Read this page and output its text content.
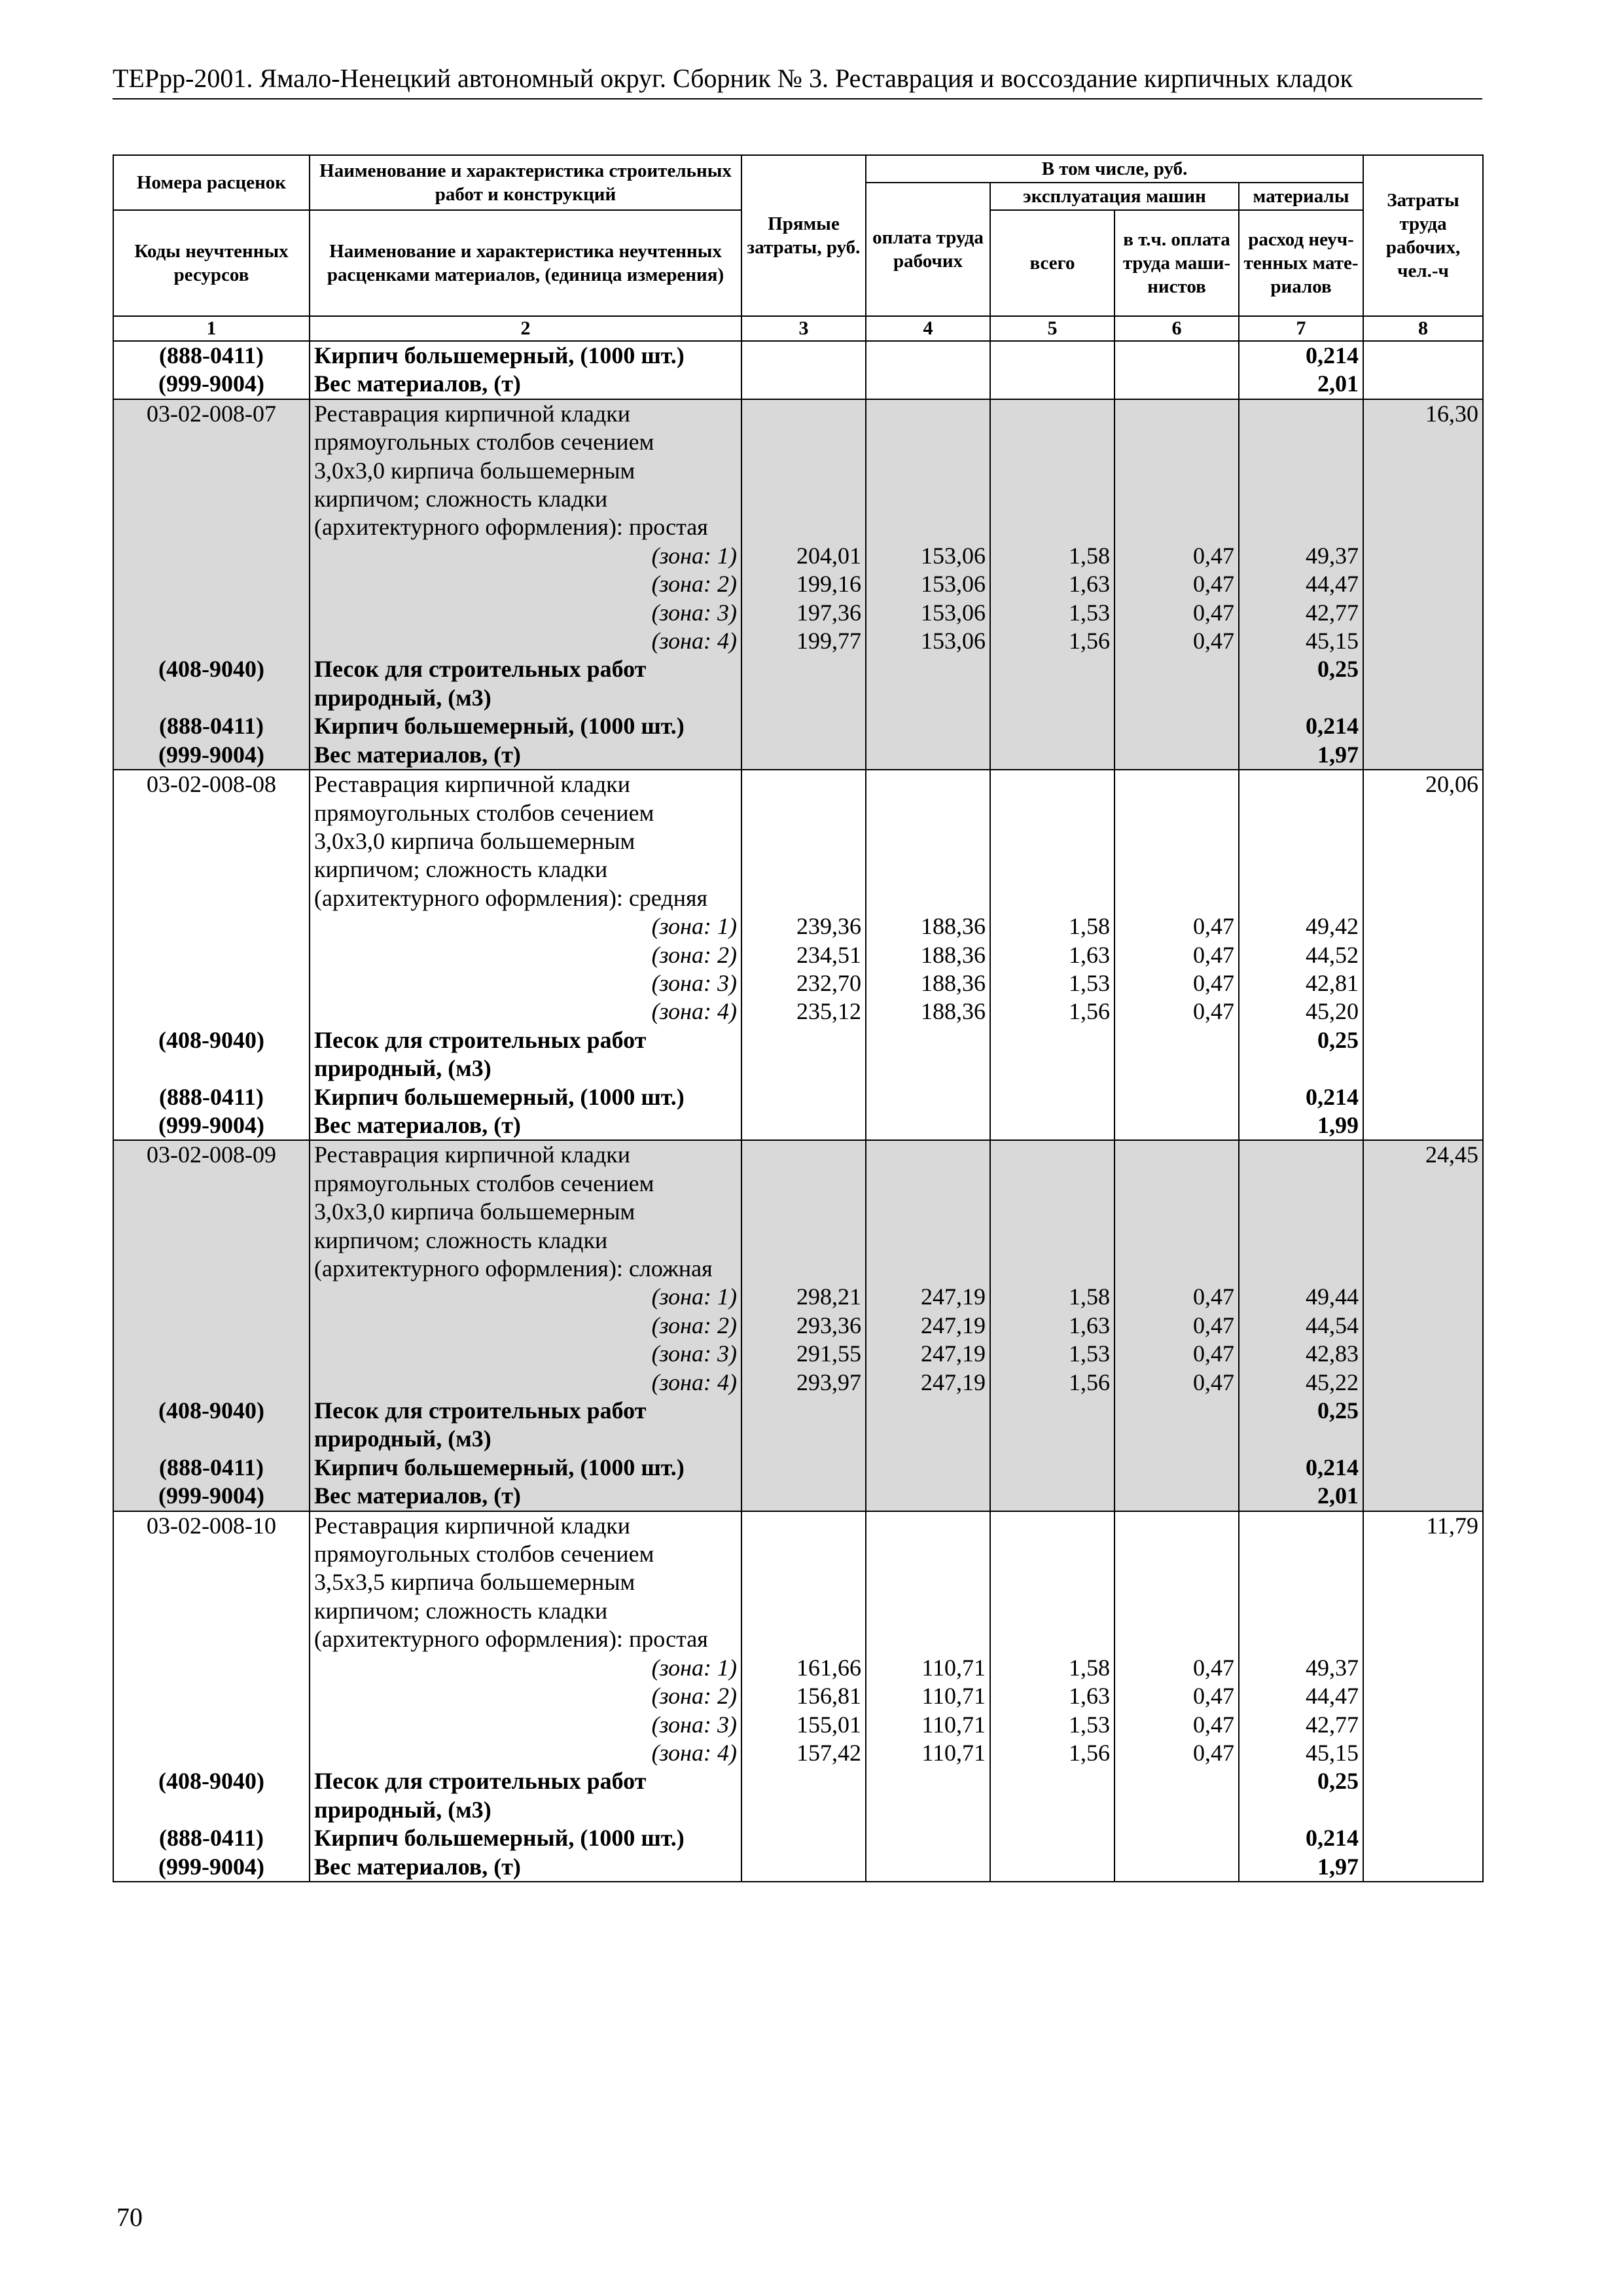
ТЕРрр-2001. Ямало-Ненецкий автономный округ. Сборник № 3. Реставрация и воссоздание кирпичных кладок
Номера расценок	Наименование и характеристика строительных работ и конструкций	Прямые затраты, руб.	В том числе, руб.				Затраты труда рабочих, чел.-ч
			оплата труда рабочих	эксплуатация машин		материалы	
Коды неучтенных ресурсов	Наименование и характеристика неучтенных расценками материалов, (единица измерения)			всего	в т.ч. оплата труда маши-нистов	расход неуч-тенных мате-риалов	

1	2	3	4	5	6	7	8
(888-0411)	Кирпич большемерный, (1000 шт.)					0,214	
(999-9004)	Вес материалов, (т)					2,01	
03-02-008-07	Реставрация кирпичной кладки						16,30
	прямоугольных столбов сечением						
	3,0х3,0 кирпича большемерным						
	кирпичом; сложность кладки						
	(архитектурного оформления): простая						
	(зона: 1)	204,01	153,06	1,58	0,47	49,37	
	(зона: 2)	199,16	153,06	1,63	0,47	44,47	
	(зона: 3)	197,36	153,06	1,53	0,47	42,77	
	(зона: 4)	199,77	153,06	1,56	0,47	45,15	
(408-9040)	Песок для строительных работ					0,25	
	природный, (м3)						
(888-0411)	Кирпич большемерный, (1000 шт.)					0,214	
(999-9004)	Вес материалов, (т)					1,97	
03-02-008-08	Реставрация кирпичной кладки						20,06
	прямоугольных столбов сечением						
	3,0х3,0 кирпича большемерным						
	кирпичом; сложность кладки						
	(архитектурного оформления): средняя						
	(зона: 1)	239,36	188,36	1,58	0,47	49,42	
	(зона: 2)	234,51	188,36	1,63	0,47	44,52	
	(зона: 3)	232,70	188,36	1,53	0,47	42,81	
	(зона: 4)	235,12	188,36	1,56	0,47	45,20	
(408-9040)	Песок для строительных работ					0,25	
	природный, (м3)						
(888-0411)	Кирпич большемерный, (1000 шт.)					0,214	
(999-9004)	Вес материалов, (т)					1,99	
03-02-008-09	Реставрация кирпичной кладки						24,45
	прямоугольных столбов сечением						
	3,0х3,0 кирпича большемерным						
	кирпичом; сложность кладки						
	(архитектурного оформления): сложная						
	(зона: 1)	298,21	247,19	1,58	0,47	49,44	
	(зона: 2)	293,36	247,19	1,63	0,47	44,54	
	(зона: 3)	291,55	247,19	1,53	0,47	42,83	
	(зона: 4)	293,97	247,19	1,56	0,47	45,22	
(408-9040)	Песок для строительных работ					0,25	
	природный, (м3)						
(888-0411)	Кирпич большемерный, (1000 шт.)					0,214	
(999-9004)	Вес материалов, (т)					2,01	
03-02-008-10	Реставрация кирпичной кладки						11,79
	прямоугольных столбов сечением						
	3,5х3,5 кирпича большемерным						
	кирпичом; сложность кладки						
	(архитектурного оформления): простая						
	(зона: 1)	161,66	110,71	1,58	0,47	49,37	
	(зона: 2)	156,81	110,71	1,63	0,47	44,47	
	(зона: 3)	155,01	110,71	1,53	0,47	42,77	
	(зона: 4)	157,42	110,71	1,56	0,47	45,15	
(408-9040)	Песок для строительных работ					0,25	
	природный, (м3)						
(888-0411)	Кирпич большемерный, (1000 шт.)					0,214	
(999-9004)	Вес материалов, (т)					1,97	
70
